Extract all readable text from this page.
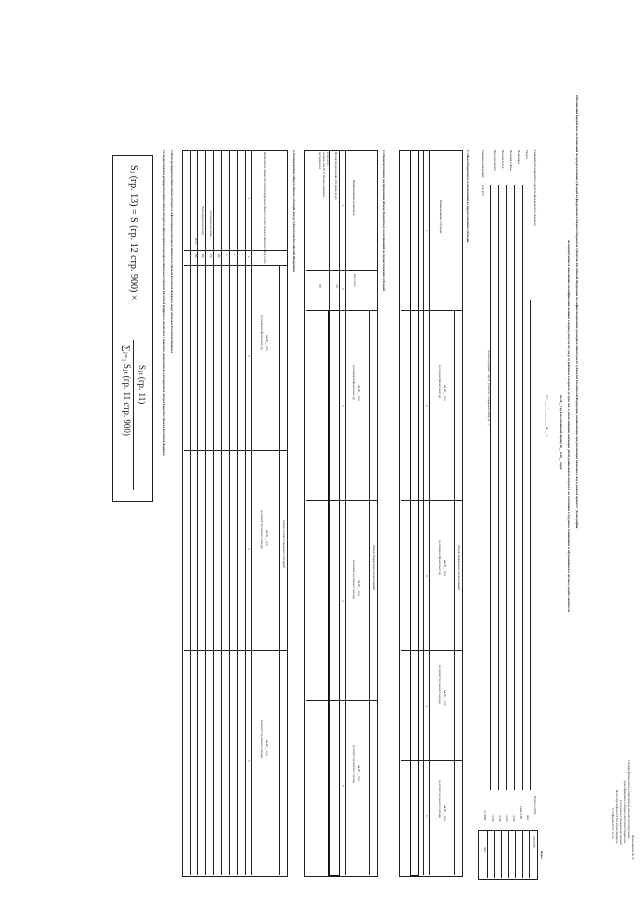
Приложение № 15
к Порядку формирования и представления главными распорядителями
средств федерального бюджета обоснований бюджетных
ассигнований, утвержденному приказом
Министерства финансов Российской Федерации
от 19 февраля 2016 г. № 15н
Обоснования бюджетных ассигнований на предоставление субсидий из федерального бюджета бюджетам субъектов Российской Федерации на софинансирование расходных обязательств субъектов Российской Федерации, возникающих при реализации комплекса мер в рамках проекта "Демография"
на переобучение и повышение квалификации женщин в период отпуска по уходу за ребенком в возрасте до трех лет, а также женщин, имеющих детей дошкольного возраста, не состоящих в трудовых отношениях и обратившихся в органы службы занятости
на 20__ год и на плановый период 20__ и 20__ годов
от " ____ " __________ 20 __ г.
Коды
0505756
384
Форма по ОКУД
Дата
Глава по БК
по БК
по БК
по БК
по БК
по ОКЕИ
Главный распорядитель средств федерального бюджета
Раздел
Подраздел
Целевая статья
Вид расходов
Вид документа
(основной документ - код 01; уточнение - порядковый номер) 02, ...)
Единица измерения:
тыс.руб
1. Объем бюджетных ассигнований на предоставление субсидии
Наименование субсидии
Объем бюджетных ассигнований
на 20__ год
(на текущий финансовый год)
на 20__ год
(на очередной финансовый год)
на 20__ год
(на первый год планового периода)
на 20__ год
(на второй год планового периода)
1
2
3
4
5
1.1 Количественное распределение объема бюджетных ассигнований на предоставление субсидий
Наименование показателя
Код строки
Объем бюджетных ассигнований
на 20__ год
(на очередной финансовый год)
на 20__ год
(на первый год планового периода)
на 20__ год
(на второй год планового периода)
1
2
3
4
5
Не распределенная субсидия, всего
в том числе:
не менее, чем 5% от объема подлежащих
распределению
100
200
2. Распределение общего объема субсидий между субъектами Российской Федерации
Наименование субъекта Российской Федерации/объем их соответствующих обязательств
Код строки
Объем соответствующих субсидий
на 20__ год
(на очередной финансовый год)
на 20__ год
(на первый год планового периода)
на 20__ год
(на второй год планового периода)
1
2
3
4
5
1
2
3
900
Распределенный объем
700
Нераспределенный резерв
800
Итого
900
3. Расчет распределения общего объема субсидий на софинансирование расходных обязательств субъектов Российской Федерации между субъектами Российской Федерации
3.1 Алгоритм расчета распределения общего объема субсидий на софинансирование расходных обязательств субъектов Российской Федерации в соответствии с правилами, предоставления и распределения субсидий бюджетам субъектов Российской Федерации
Sⱼ (гр. 13) = S (гр. 12 стр. 900) ×
Sⱼₜ (гр. 11)
∑ⱼ₌₁ Sⱼₜ (гр. 11 стр. 900)
